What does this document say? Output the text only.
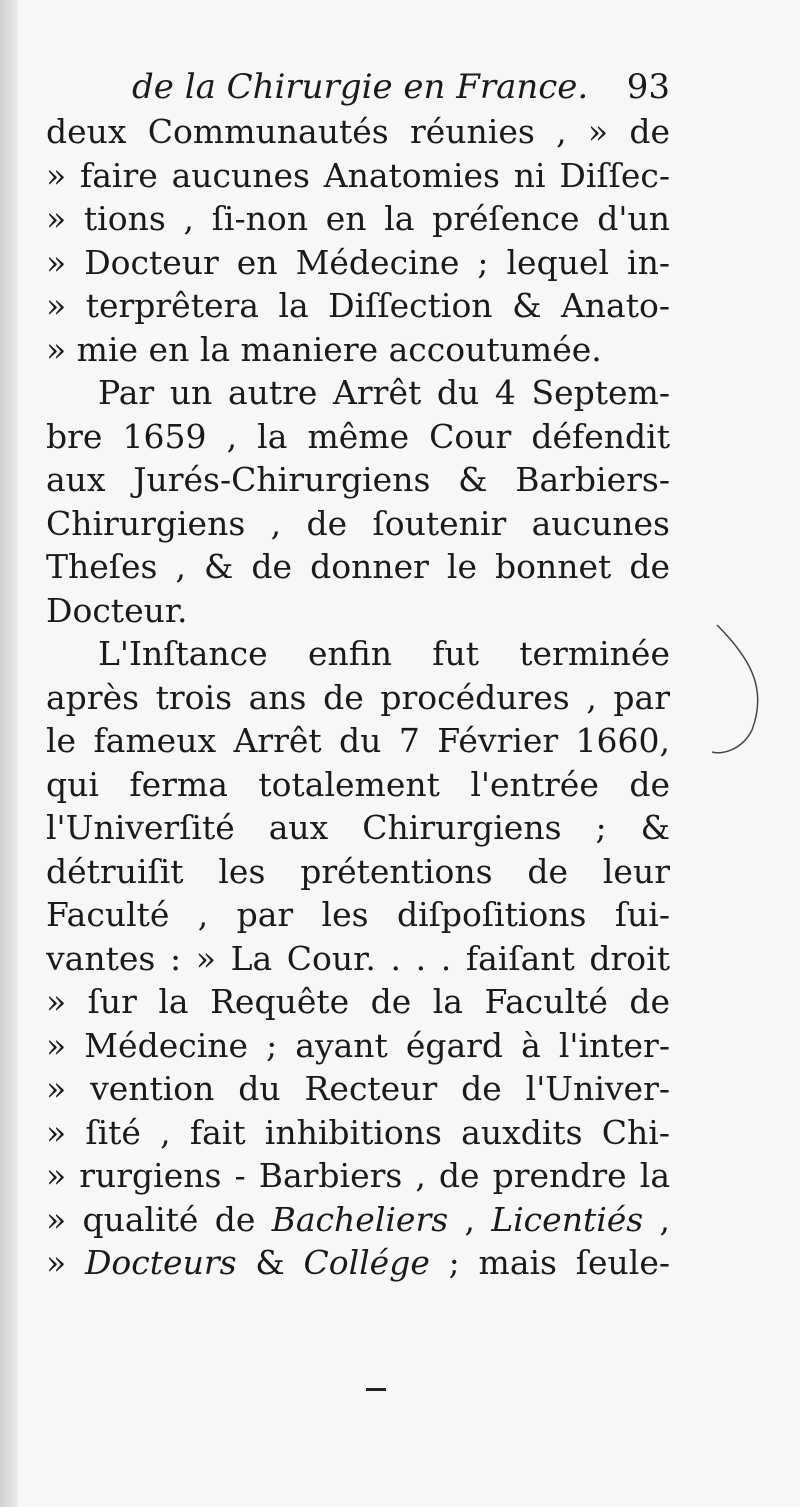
de la Chirurgie en France. 93
deux Communautés réunies , » de
» faire aucunes Anatomies ni Diſſec-
» tions , ſi-non en la préſence d'un
» Docteur en Médecine ; lequel in-
» terprêtera la Diſſection & Anato-
» mie en la maniere accoutumée.
Par un autre Arrêt du 4 Septem-
bre 1659 , la même Cour défendit
aux Jurés-Chirurgiens & Barbiers-
Chirurgiens , de ſoutenir aucunes
Theſes , & de donner le bonnet de
Docteur.
L'Inſtance enfin fut terminée
après trois ans de procédures , par
le fameux Arrêt du 7 Février 1660,
qui ferma totalement l'entrée de
l'Univerſité aux Chirurgiens ; &
détruiſit les prétentions de leur
Faculté , par les diſpoſitions ſui-
vantes : » La Cour. . . . faiſant droit
» ſur la Requête de la Faculté de
» Médecine ; ayant égard à l'inter-
» vention du Recteur de l'Univer-
» ſité , fait inhibitions auxdits Chi-
» rurgiens - Barbiers , de prendre la
» qualité de Bacheliers , Licentiés ,
» Docteurs & Collége ; mais ſeule-
